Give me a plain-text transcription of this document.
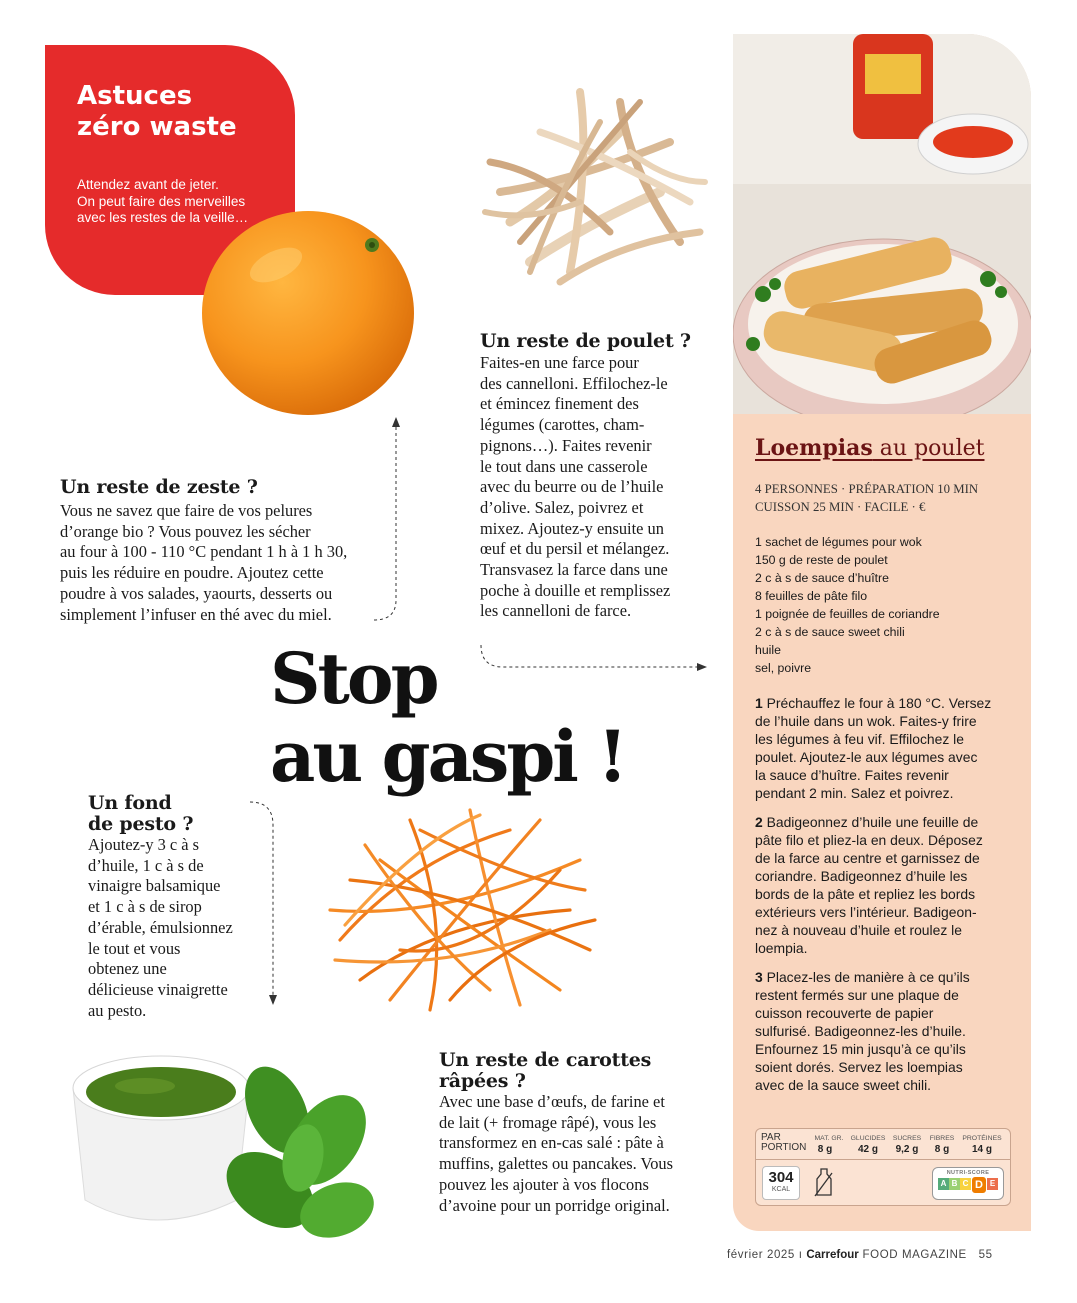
Astuces
zéro waste
Attendez avant de jeter.
On peut faire des merveilles
avec les restes de la veille…
Un reste de zeste ?
Vous ne savez que faire de vos pelures
d’orange bio ? Vous pouvez les sécher
au four à 100 - 110 °C pendant 1 h à 1 h 30,
puis les réduire en poudre. Ajoutez cette
poudre à vos salades, yaourts, desserts ou
simplement l’infuser en thé avec du miel.
Un reste de poulet ?
Faites-en une farce pour
des cannelloni. Effilochez-le
et émincez finement des
légumes (carottes, cham-
pignons…). Faites revenir
le tout dans une casserole
avec du beurre ou de l’huile
d’olive. Salez, poivrez et
mixez. Ajoutez-y ensuite un
œuf et du persil et mélangez.
Transvasez la farce dans une
poche à douille et remplissez
les cannelloni de farce.
Stop
au gaspi !
Un fond
de pesto ?
Ajoutez-y 3 c à s
d’huile, 1 c à s de
vinaigre balsamique
et 1 c à s de sirop
d’érable, émulsionnez
le tout et vous
obtenez une
délicieuse vinaigrette
au pesto.
Un reste de carottes
râpées ?
Avec une base d’œufs, de farine et
de lait (+ fromage râpé), vous les
transformez en en-cas salé : pâte à
muffins, galettes ou pancakes. Vous
pouvez les ajouter à vos flocons
d’avoine pour un porridge original.
Loempias au poulet
4 PERSONNES · PRÉPARATION 10 MIN
CUISSON 25 MIN · FACILE · €
1 sachet de légumes pour wok
150 g de reste de poulet
2 c à s de sauce d’huître
8 feuilles de pâte filo
1 poignée de feuilles de coriandre
2 c à s de sauce sweet chili
huile
sel, poivre
1 Préchauffez le four à 180 °C. Versez
de l’huile dans un wok. Faites-y frire
les légumes à feu vif. Effilochez le
poulet. Ajoutez-le aux légumes avec
la sauce d’huître. Faites revenir
pendant 2 min. Salez et poivrez.
2 Badigeonnez d’huile une feuille de
pâte filo et pliez-la en deux. Déposez
de la farce au centre et garnissez de
coriandre. Badigeonnez d’huile les
bords de la pâte et repliez les bords
extérieurs vers l’intérieur. Badigeon-
nez à nouveau d’huile et roulez le
loempia.
3 Placez-les de manière à ce qu’ils
restent fermés sur une plaque de
cuisson recouverte de papier
sulfurisé. Badigeonnez-les d’huile.
Enfournez 15 min jusqu’à ce qu’ils
soient dorés. Servez les loempias
avec de la sauce sweet chili.
PAR
PORTION
MAT. GR.	GLUCIDES	SUCRES	FIBRES	PROTÉINES
8 g	42 g	9,2 g	8 g	14 g
304
KCAL
NUTRI-SCORE
A B C D E
février 2025 ı Carrefour FOOD MAGAZINE 55
